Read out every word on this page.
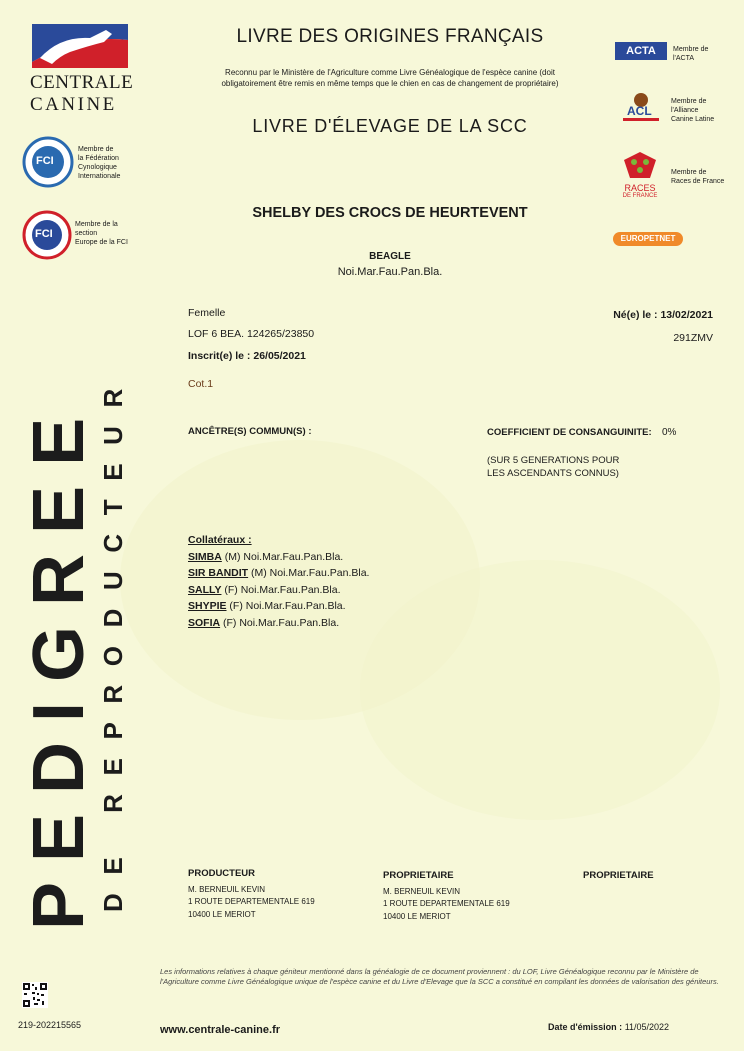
CENTRALE
CANINE
FCI
Membre de
la Fédération
Cynologique
Internationale
FCI
Membre de la
section
Europe de la FCI
LIVRE DES ORIGINES FRANÇAIS
Reconnu par le Ministère de l'Agriculture comme Livre Généalogique de l'espèce canine (doit
obligatoirement être remis en même temps que le chien en cas de changement de propriétaire)
LIVRE D'ÉLEVAGE DE LA SCC
ACTA	Membre de
l'ACTA
ACL
Membre de
l'Alliance
Canine Latine
RACES
DE FRANCE
Membre de
Races de France
EUROPETNET
SHELBY DES CROCS DE HEURTEVENT
BEAGLE
Noi.Mar.Fau.Pan.Bla.
Femelle
LOF 6 BEA. 124265/23850
Inscrit(e) le : 26/05/2021
Cot.1
Né(e) le : 13/02/2021
291ZMV
ANCÊTRE(S) COMMUN(S) :	COEFFICIENT DE CONSANGUINITE: 0%
(SUR 5 GENERATIONS POUR
LES ASCENDANTS CONNUS)
Collatéraux :
SIMBA (M) Noi.Mar.Fau.Pan.Bla.
SIR BANDIT (M) Noi.Mar.Fau.Pan.Bla.
SALLY (F) Noi.Mar.Fau.Pan.Bla.
SHYPIE (F) Noi.Mar.Fau.Pan.Bla.
SOFIA (F) Noi.Mar.Fau.Pan.Bla.
PEDIGREE DE REPRODUCTEUR	PRODUCTEUR
M. BERNEUIL KEVIN
1 ROUTE DEPARTEMENTALE 619
10400 LE MERIOT
PROPRIETAIRE
M. BERNEUIL KEVIN
1 ROUTE DEPARTEMENTALE 619
10400 LE MERIOT
PROPRIETAIRE
Les informations relatives à chaque géniteur mentionné dans la généalogie de ce document proviennent : du LOF, Livre Généalogique reconnu par le Ministère de l'Agriculture comme Livre Généalogique unique de l'espèce canine et du Livre d'Elevage que la SCC a constitué en compilant les données de valorisation des géniteurs.
219-202215565	www.centrale-canine.fr	Date d'émission : 11/05/2022
